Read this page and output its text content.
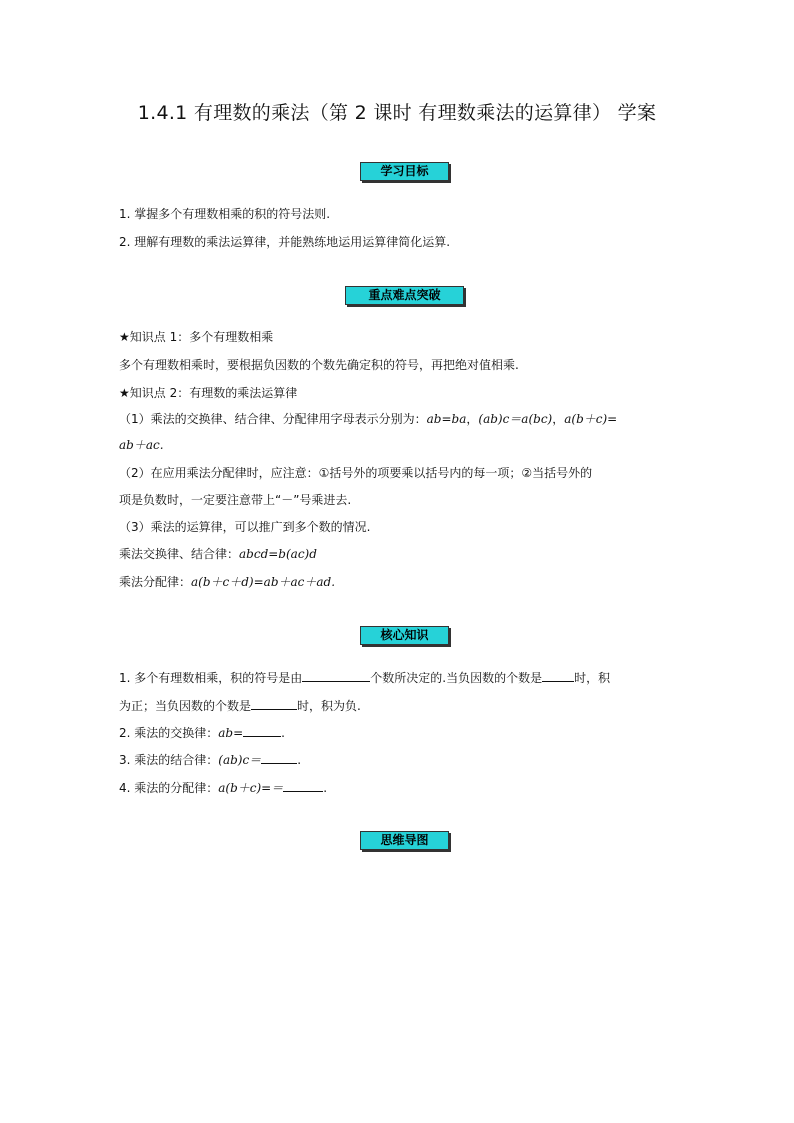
1.4.1 有理数的乘法（第 2 课时 有理数乘法的运算律） 学案
学习目标
1. 掌握多个有理数相乘的积的符号法则.
2. 理解有理数的乘法运算律，并能熟练地运用运算律简化运算.
重点难点突破
★知识点 1：多个有理数相乘
多个有理数相乘时，要根据负因数的个数先确定积的符号，再把绝对值相乘.
★知识点 2：有理数的乘法运算律
（1）乘法的交换律、结合律、分配律用字母表示分别为：ab=ba，(ab)c＝a(bc)，a(b＋c)=
ab＋ac.
（2）在应用乘法分配律时，应注意：①括号外的项要乘以括号内的每一项；②当括号外的
项是负数时，一定要注意带上“－”号乘进去.
（3）乘法的运算律，可以推广到多个数的情况.
乘法交换律、结合律：abcd=b(ac)d
乘法分配律：a(b＋c＋d)=ab＋ac＋ad.
核心知识
1. 多个有理数相乘，积的符号是由	个数所决定的.当负因数的个数是	时，积
为正；当负因数的个数是	时，积为负.
2. 乘法的交换律：ab=	.
3. 乘法的结合律：(ab)c＝	.
4. 乘法的分配律：a(b＋c)=＝	.
思维导图
